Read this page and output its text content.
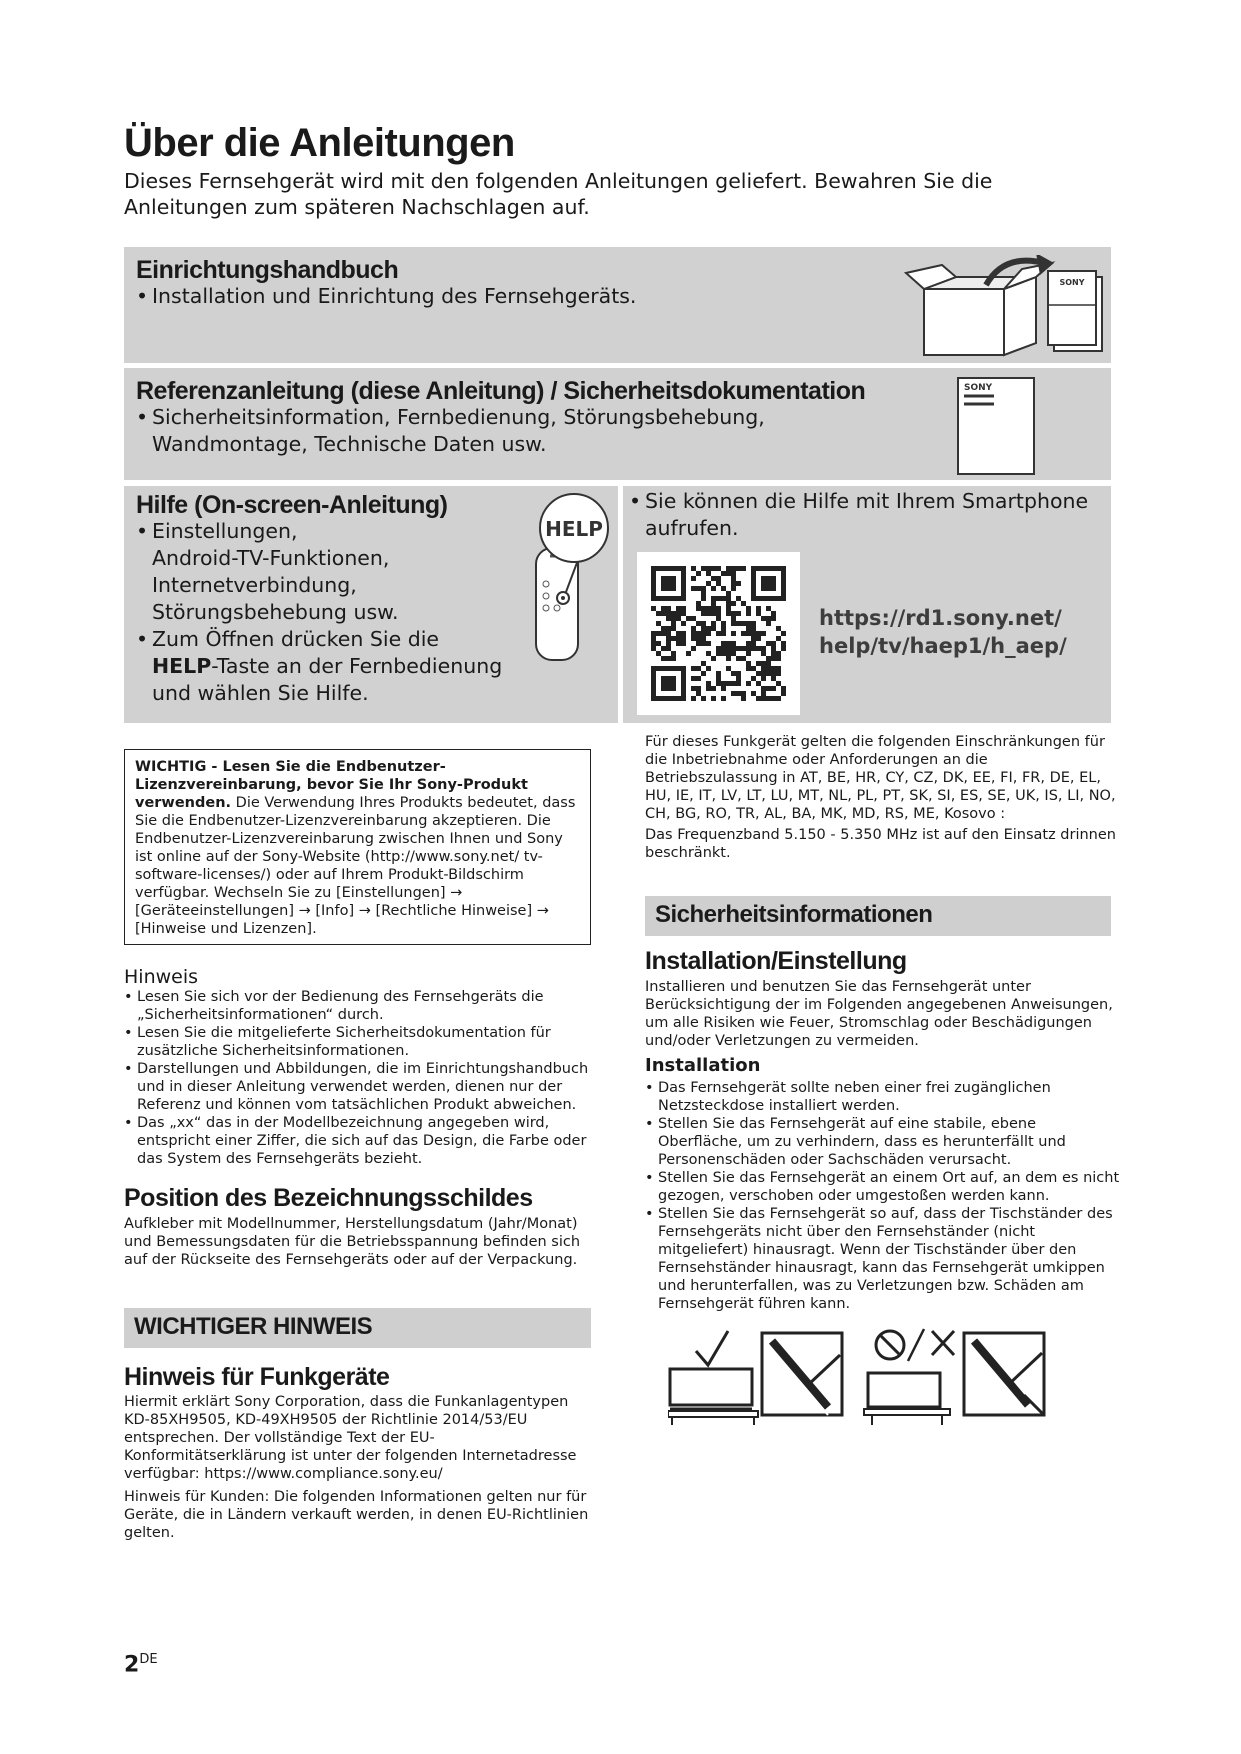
Über die Anleitungen
Dieses Fernsehgerät wird mit den folgenden Anleitungen geliefert. Bewahren Sie die Anleitungen zum späteren Nachschlagen auf.
Einrichtungshandbuch
• Installation und Einrichtung des Fernsehgeräts.
SONY
Referenzanleitung (diese Anleitung) / Sicherheitsdokumentation
• Sicherheitsinformation, Fernbedienung, Störungsbehebung, Wandmontage, Technische Daten usw.
SONY
Hilfe (On-screen-Anleitung)
• Einstellungen,
Android-TV-Funktionen,
Internetverbindung,
Störungsbehebung usw.
• Zum Öffnen drücken Sie die
HELP-Taste an der Fernbedienung
und wählen Sie Hilfe.
HELP
• Sie können die Hilfe mit Ihrem Smartphone aufrufen.
https://rd1.sony.net/
help/tv/haep1/h_aep/
WICHTIG - Lesen Sie die Endbenutzer-Lizenzvereinbarung, bevor Sie Ihr Sony-Produkt verwenden. Die Verwendung Ihres Produkts bedeutet, dass Sie die Endbenutzer-Lizenzvereinbarung akzeptieren. Die Endbenutzer-Lizenzvereinbarung zwischen Ihnen und Sony ist online auf der Sony-Website (http://www.sony.net/ tv-software-licenses/) oder auf Ihrem Produkt-Bildschirm verfügbar. Wechseln Sie zu [Einstellungen] → [Geräteeinstellungen] → [Info] → [Rechtliche Hinweise] → [Hinweise und Lizenzen].
Hinweis
• Lesen Sie sich vor der Bedienung des Fernsehgeräts die „Sicherheitsinformationen“ durch.
• Lesen Sie die mitgelieferte Sicherheitsdokumentation für zusätzliche Sicherheitsinformationen.
• Darstellungen und Abbildungen, die im Einrichtungshandbuch und in dieser Anleitung verwendet werden, dienen nur der Referenz und können vom tatsächlichen Produkt abweichen.
• Das „xx“ das in der Modellbezeichnung angegeben wird, entspricht einer Ziffer, die sich auf das Design, die Farbe oder das System des Fernsehgeräts bezieht.
Position des Bezeichnungsschildes
Aufkleber mit Modellnummer, Herstellungsdatum (Jahr/Monat) und Bemessungsdaten für die Betriebsspannung befinden sich auf der Rückseite des Fernsehgeräts oder auf der Verpackung.
WICHTIGER HINWEIS
Hinweis für Funkgeräte
Hiermit erklärt Sony Corporation, dass die Funkanlagentypen KD-85XH9505, KD-49XH9505 der Richtlinie 2014/53/EU entsprechen. Der vollständige Text der EU-Konformitätserklärung ist unter der folgenden Internetadresse verfügbar: https://www.compliance.sony.eu/
Hinweis für Kunden: Die folgenden Informationen gelten nur für Geräte, die in Ländern verkauft werden, in denen EU-Richtlinien gelten.
Für dieses Funkgerät gelten die folgenden Einschränkungen für die Inbetriebnahme oder Anforderungen an die Betriebszulassung in AT, BE, HR, CY, CZ, DK, EE, FI, FR, DE, EL, HU, IE, IT, LV, LT, LU, MT, NL, PL, PT, SK, SI, ES, SE, UK, IS, LI, NO, CH, BG, RO, TR, AL, BA, MK, MD, RS, ME, Kosovo :
Das Frequenzband 5.150 - 5.350 MHz ist auf den Einsatz drinnen beschränkt.
Sicherheitsinformationen
Installation/Einstellung
Installieren und benutzen Sie das Fernsehgerät unter Berücksichtigung der im Folgenden angegebenen Anweisungen, um alle Risiken wie Feuer, Stromschlag oder Beschädigungen und/oder Verletzungen zu vermeiden.
Installation
• Das Fernsehgerät sollte neben einer frei zugänglichen Netzsteckdose installiert werden.
• Stellen Sie das Fernsehgerät auf eine stabile, ebene Oberfläche, um zu verhindern, dass es herunterfällt und Personenschäden oder Sachschäden verursacht.
• Stellen Sie das Fernsehgerät an einem Ort auf, an dem es nicht gezogen, verschoben oder umgestoßen werden kann.
• Stellen Sie das Fernsehgerät so auf, dass der Tischständer des Fernsehgeräts nicht über den Fernsehständer (nicht mitgeliefert) hinausragt. Wenn der Tischständer über den Fernsehständer hinausragt, kann das Fernsehgerät umkippen und herunterfallen, was zu Verletzungen bzw. Schäden am Fernsehgerät führen kann.
2DE
